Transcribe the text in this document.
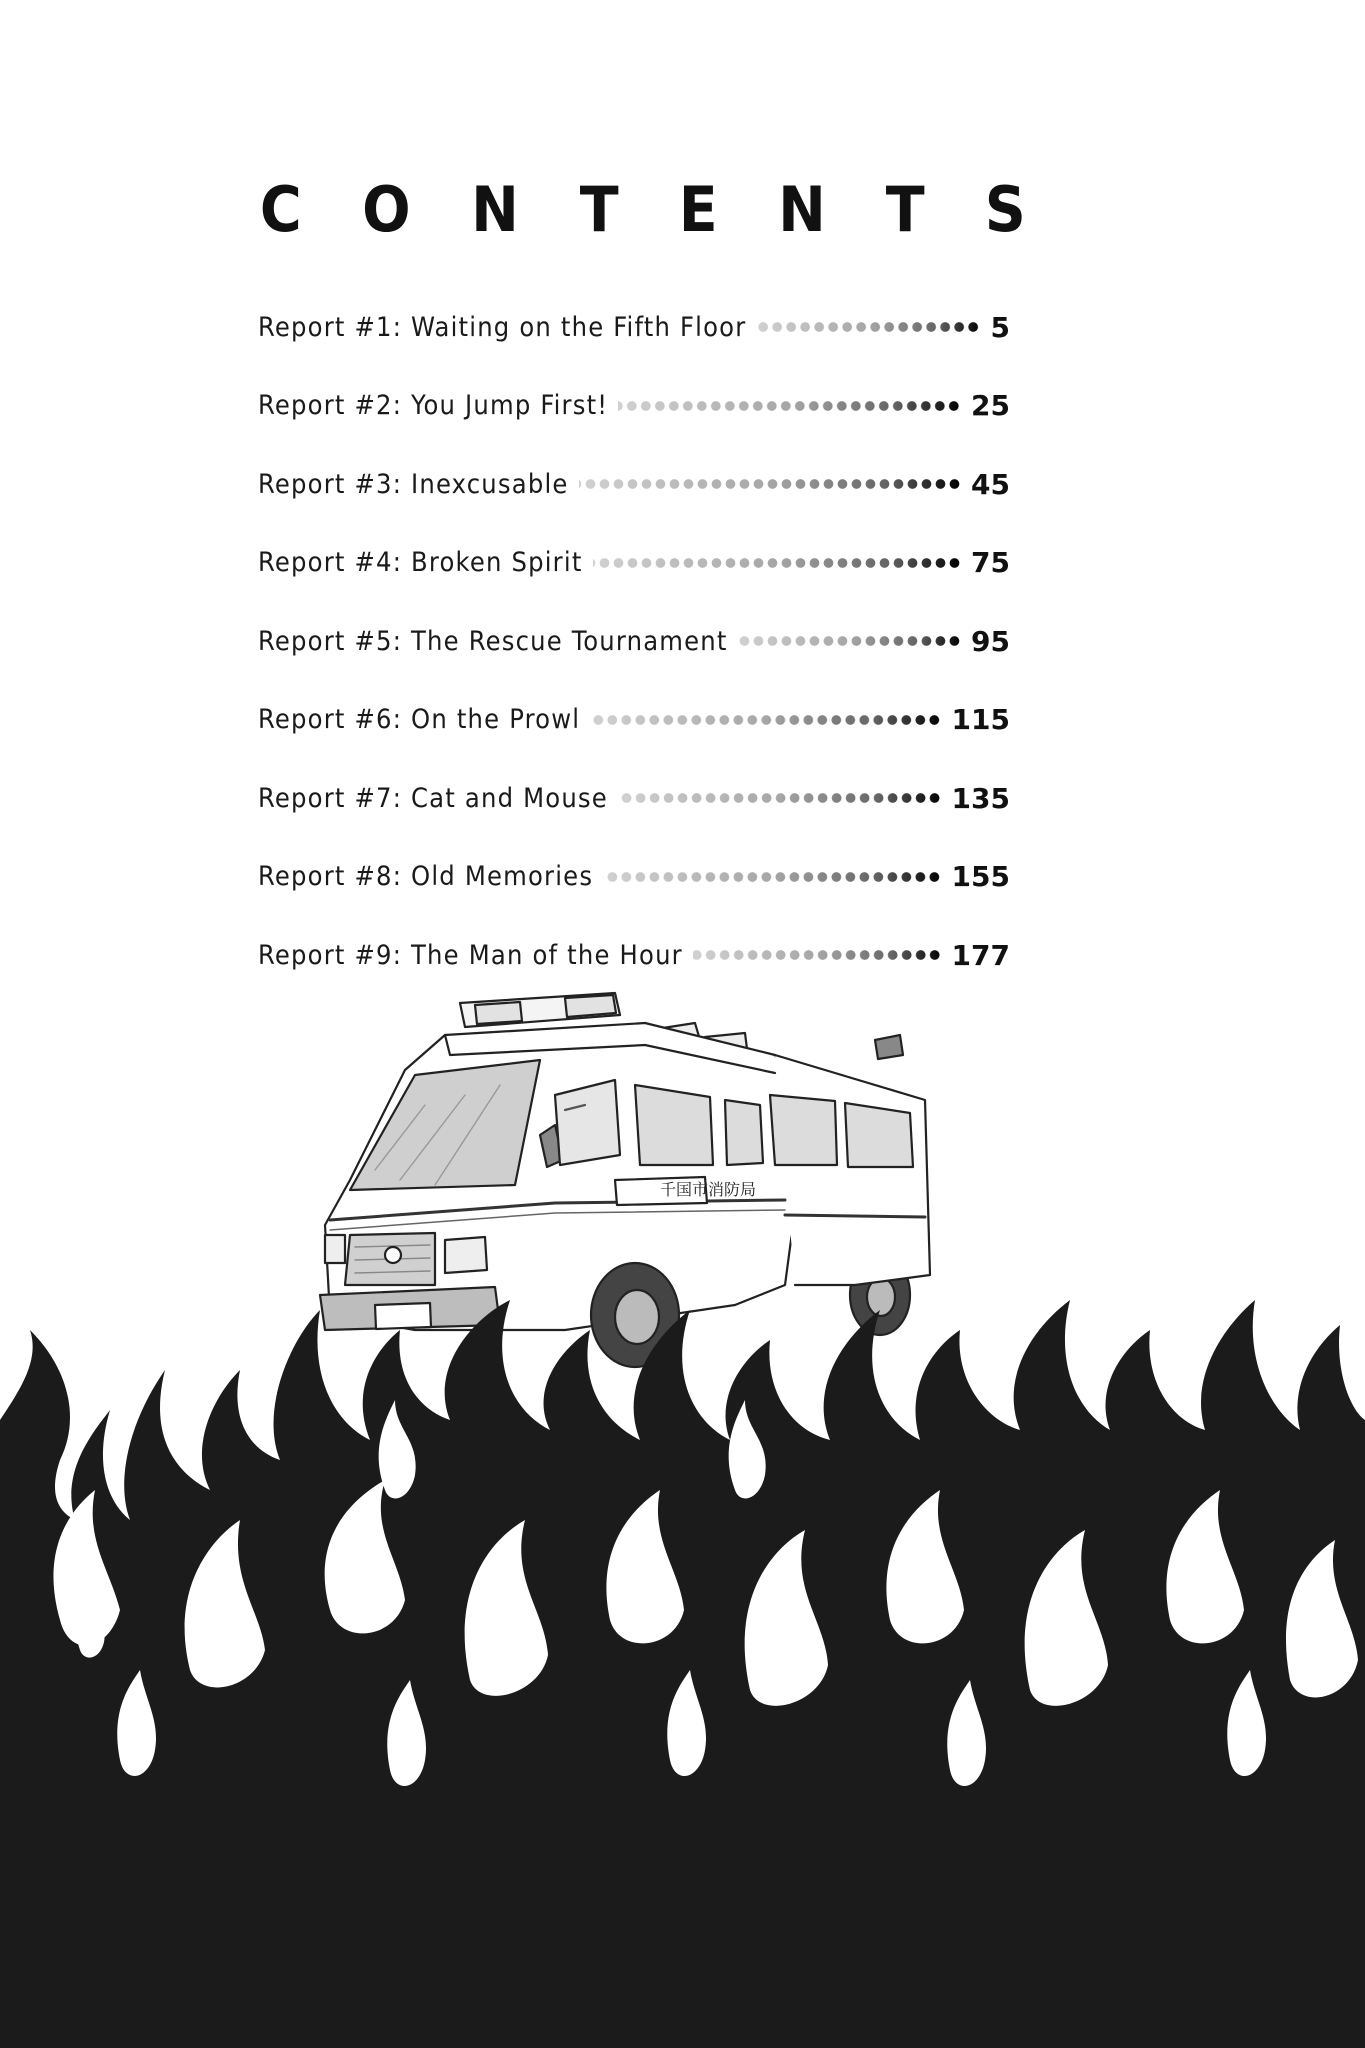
C O N T E N T S
Report #1: Waiting on the Fifth Floor	5
Report #2: You Jump First!	25
Report #3: Inexcusable	45
Report #4: Broken Spirit	75
Report #5: The Rescue Tournament	95
Report #6: On the Prowl	115
Report #7: Cat and Mouse	135
Report #8: Old Memories	155
Report #9: The Man of the Hour	177
千国市消防局
